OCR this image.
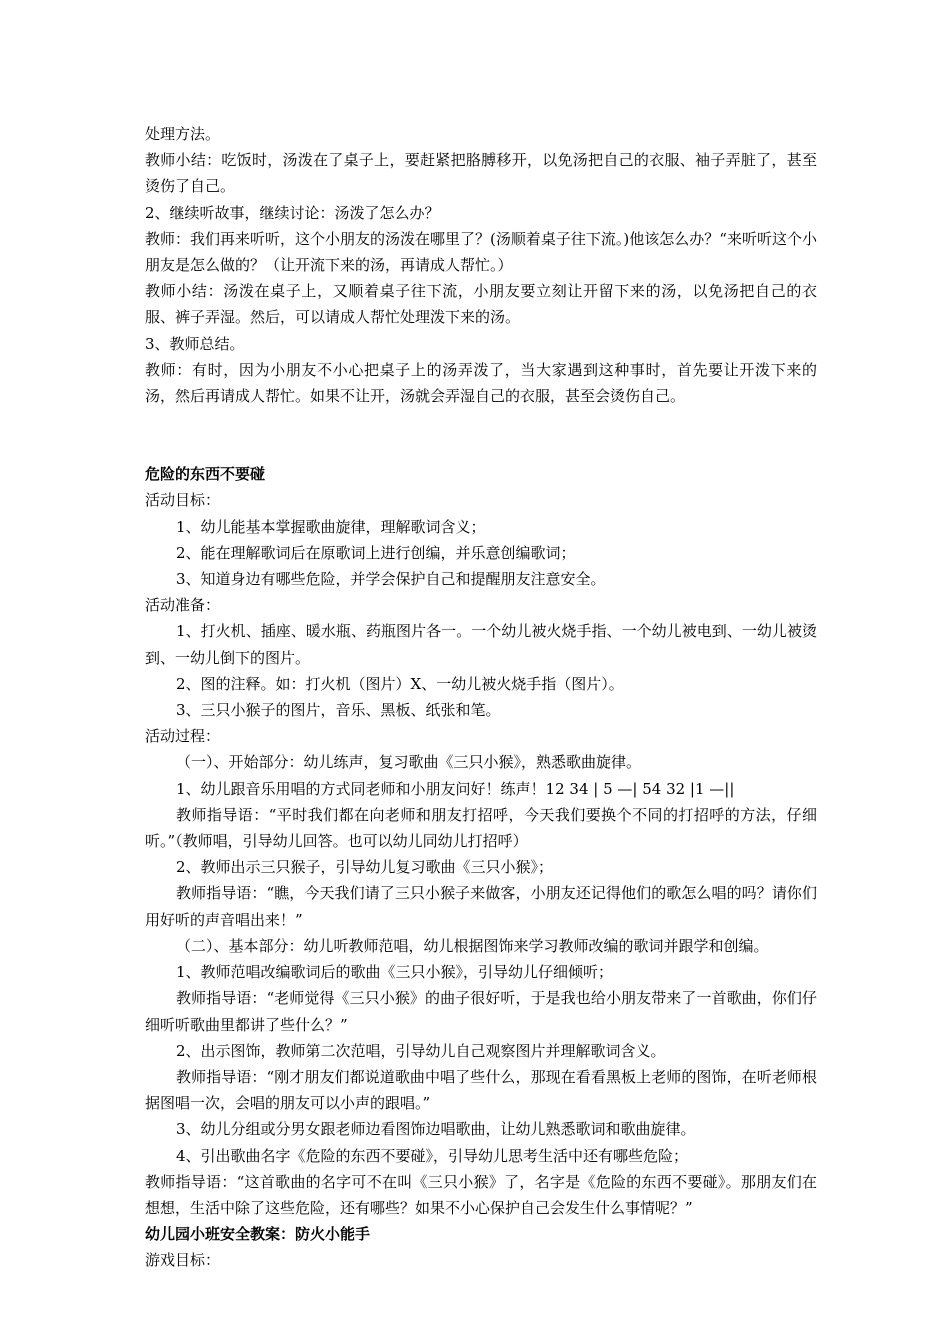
处理方法。

教师小结：吃饭时，汤泼在了桌子上，要赶紧把胳膊移开，以免汤把自己的衣服、袖子弄脏了，甚至烫伤了自己。

2、继续听故事，继续讨论：汤泼了怎么办？

教师：我们再来听听，这个小朋友的汤泼在哪里了？(汤顺着桌子往下流。)他该怎么办？“来听听这个小朋友是怎么做的？（让开流下来的汤，再请成人帮忙。）

教师小结：汤泼在桌子上，又顺着桌子往下流，小朋友要立刻让开留下来的汤，以免汤把自己的衣服、裤子弄湿。然后，可以请成人帮忙处理泼下来的汤。

3、教师总结。

教师：有时，因为小朋友不小心把桌子上的汤弄泼了，当大家遇到这种事时，首先要让开泼下来的汤，然后再请成人帮忙。如果不让开，汤就会弄湿自己的衣服，甚至会烫伤自己。

危险的东西不要碰

活动目标：

1、幼儿能基本掌握歌曲旋律，理解歌词含义；

2、能在理解歌词后在原歌词上进行创编，并乐意创编歌词；

3、知道身边有哪些危险，并学会保护自己和提醒朋友注意安全。

活动准备：

1、打火机、插座、暖水瓶、药瓶图片各一。一个幼儿被火烧手指、一个幼儿被电到、一幼儿被烫到、一幼儿倒下的图片。

2、图的注释。如：打火机（图片）X、一幼儿被火烧手指（图片）。

3、三只小猴子的图片，音乐、黑板、纸张和笔。

活动过程：

（一）、开始部分：幼儿练声，复习歌曲《三只小猴》，熟悉歌曲旋律。

1、幼儿跟音乐用唱的方式同老师和小朋友问好！练声！12 34 | 5 —| 54 32 |1 —||

教师指导语：“平时我们都在向老师和朋友打招呼，今天我们要换个不同的打招呼的方法，仔细听。”（教师唱，引导幼儿回答。也可以幼儿同幼儿打招呼）

2、教师出示三只猴子，引导幼儿复习歌曲《三只小猴》；

教师指导语：“瞧，今天我们请了三只小猴子来做客，小朋友还记得他们的歌怎么唱的吗？请你们用好听的声音唱出来！”

（二）、基本部分：幼儿听教师范唱，幼儿根据图饰来学习教师改编的歌词并跟学和创编。

1、教师范唱改编歌词后的歌曲《三只小猴》，引导幼儿仔细倾听；

教师指导语：“老师觉得《三只小猴》的曲子很好听，于是我也给小朋友带来了一首歌曲，你们仔细听听歌曲里都讲了些什么？”

2、出示图饰，教师第二次范唱，引导幼儿自己观察图片并理解歌词含义。

教师指导语：“刚才朋友们都说道歌曲中唱了些什么，那现在看看黑板上老师的图饰，在听老师根据图唱一次，会唱的朋友可以小声的跟唱。”

3、幼儿分组或分男女跟老师边看图饰边唱歌曲，让幼儿熟悉歌词和歌曲旋律。

4、引出歌曲名字《危险的东西不要碰》，引导幼儿思考生活中还有哪些危险；

教师指导语：“这首歌曲的名字可不在叫《三只小猴》了，名字是《危险的东西不要碰》。那朋友们在想想，生活中除了这些危险，还有哪些？如果不小心保护自己会发生什么事情呢？”

幼儿园小班安全教案：防火小能手

游戏目标：
